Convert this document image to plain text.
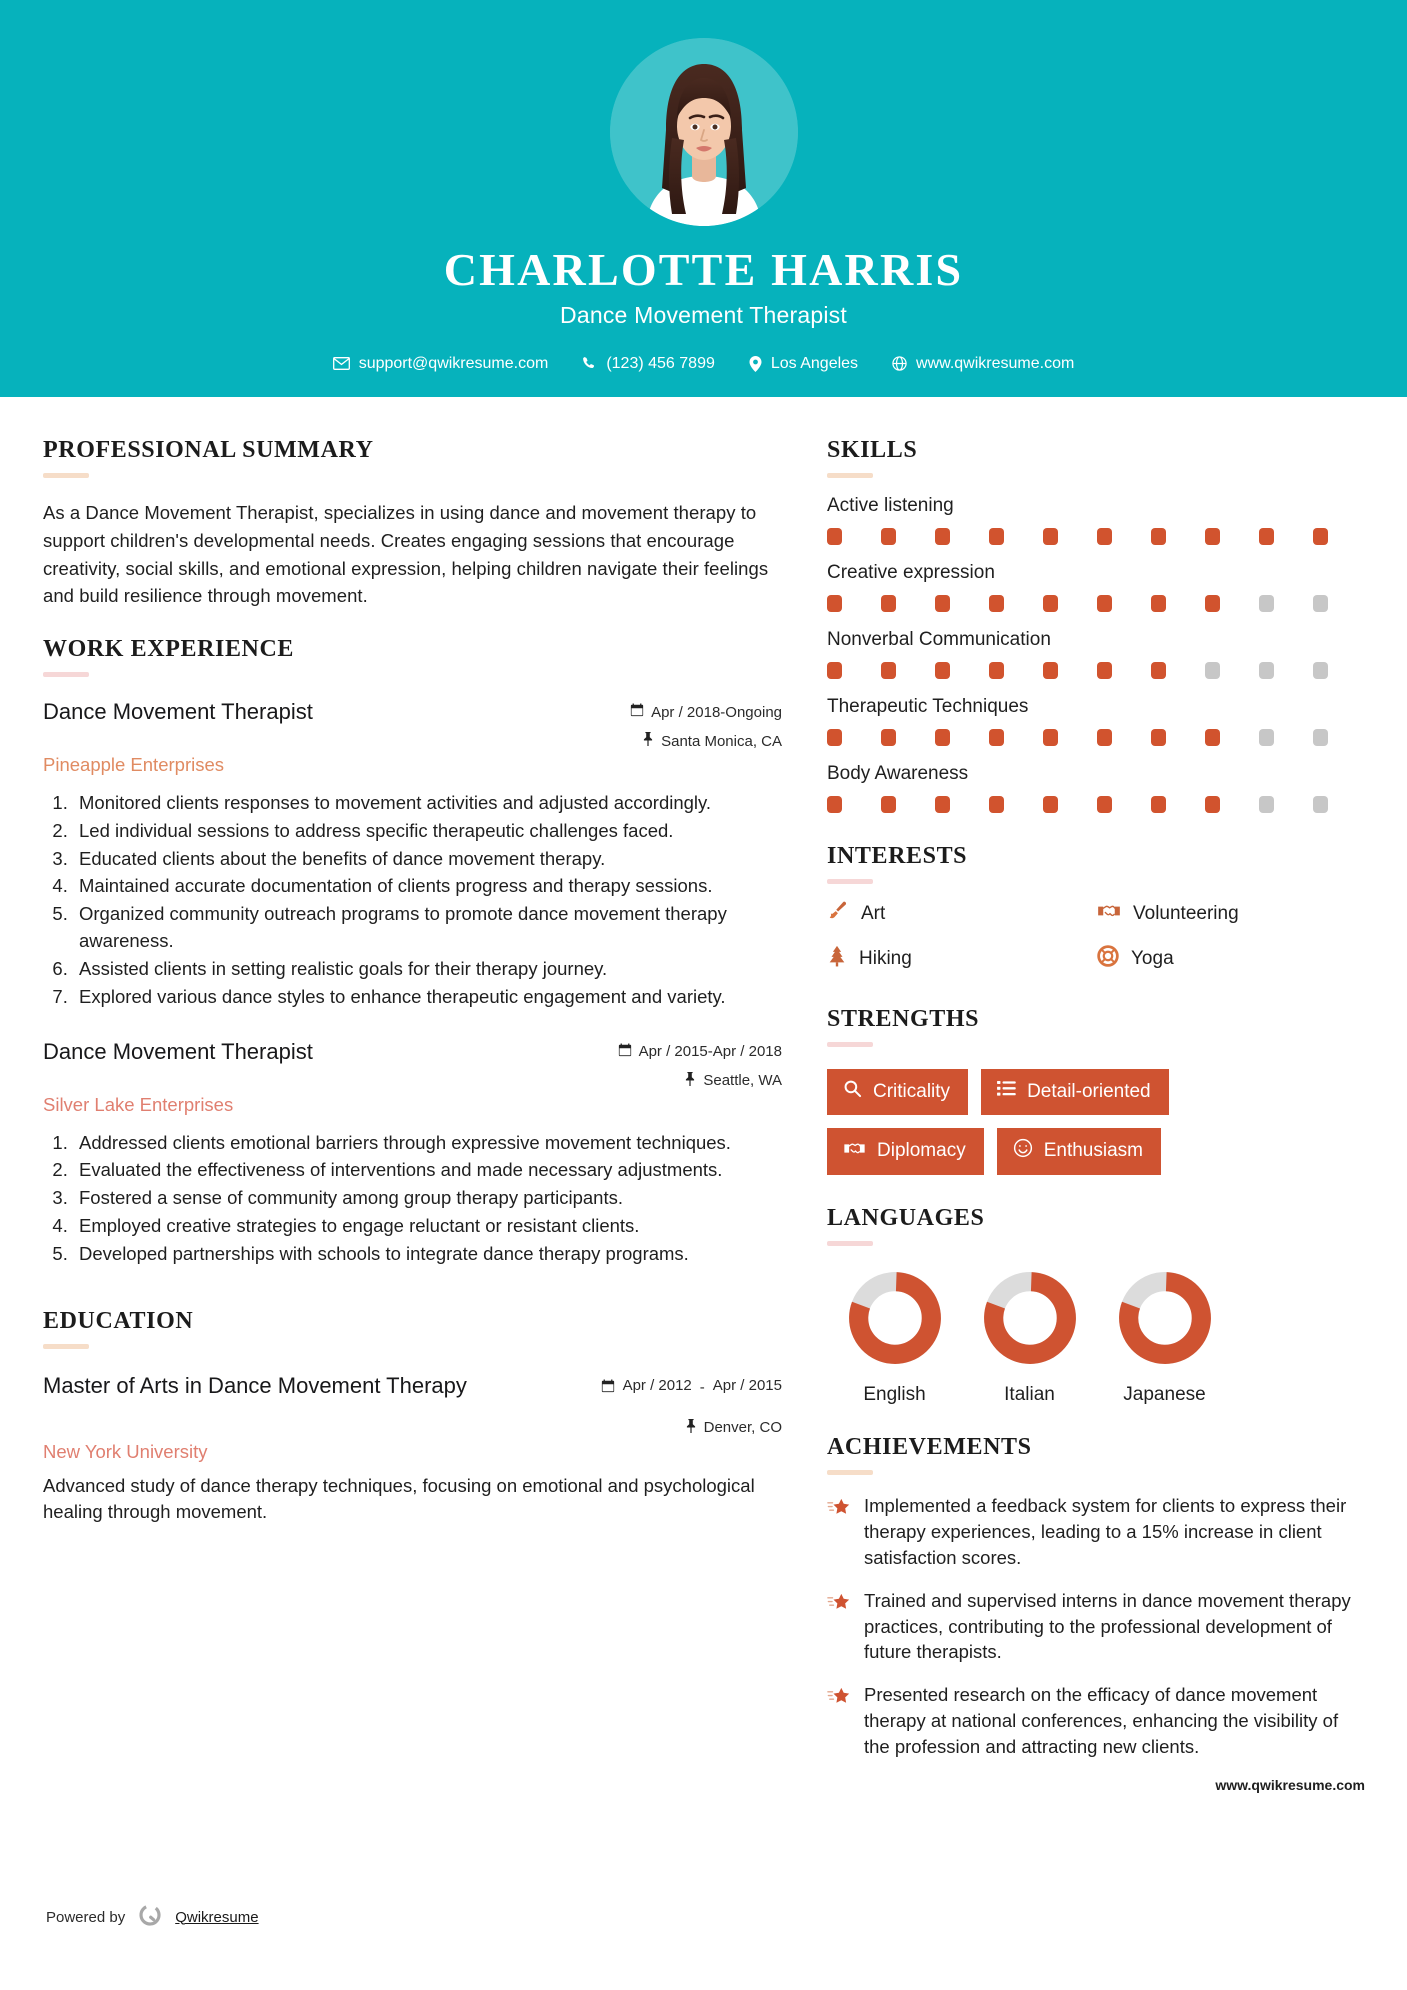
CHARLOTTE HARRIS
Dance Movement Therapist
support@qwikresume.com	(123) 456 7899	Los Angeles	www.qwikresume.com
PROFESSIONAL SUMMARY
As a Dance Movement Therapist, specializes in using dance and movement therapy to support children's developmental needs. Creates engaging sessions that encourage creativity, social skills, and emotional expression, helping children navigate their feelings and build resilience through movement.
WORK EXPERIENCE
Dance Movement Therapist	Apr / 2018-Ongoing
Santa Monica, CA
Pineapple Enterprises
1. Monitored clients responses to movement activities and adjusted accordingly.
2. Led individual sessions to address specific therapeutic challenges faced.
3. Educated clients about the benefits of dance movement therapy.
4. Maintained accurate documentation of clients progress and therapy sessions.
5. Organized community outreach programs to promote dance movement therapy awareness.
6. Assisted clients in setting realistic goals for their therapy journey.
7. Explored various dance styles to enhance therapeutic engagement and variety.
Dance Movement Therapist	Apr / 2015-Apr / 2018
Seattle, WA
Silver Lake Enterprises
1. Addressed clients emotional barriers through expressive movement techniques.
2. Evaluated the effectiveness of interventions and made necessary adjustments.
3. Fostered a sense of community among group therapy participants.
4. Employed creative strategies to engage reluctant or resistant clients.
5. Developed partnerships with schools to integrate dance therapy programs.
EDUCATION
Master of Arts in Dance Movement Therapy	Apr / 2012 - Apr / 2015
Denver, CO
New York University
Advanced study of dance therapy techniques, focusing on emotional and psychological healing through movement.
Powered by	Qwikresume
SKILLS
Active listening
Creative expression
Nonverbal Communication
Therapeutic Techniques
Body Awareness
INTERESTS
Art	Volunteering
Hiking	Yoga
STRENGTHS
Criticality	Detail-oriented
Diplomacy	Enthusiasm
LANGUAGES
English	Italian	Japanese
ACHIEVEMENTS
Implemented a feedback system for clients to express their therapy experiences, leading to a 15% increase in client satisfaction scores.
Trained and supervised interns in dance movement therapy practices, contributing to the professional development of future therapists.
Presented research on the efficacy of dance movement therapy at national conferences, enhancing the visibility of the profession and attracting new clients.
www.qwikresume.com
